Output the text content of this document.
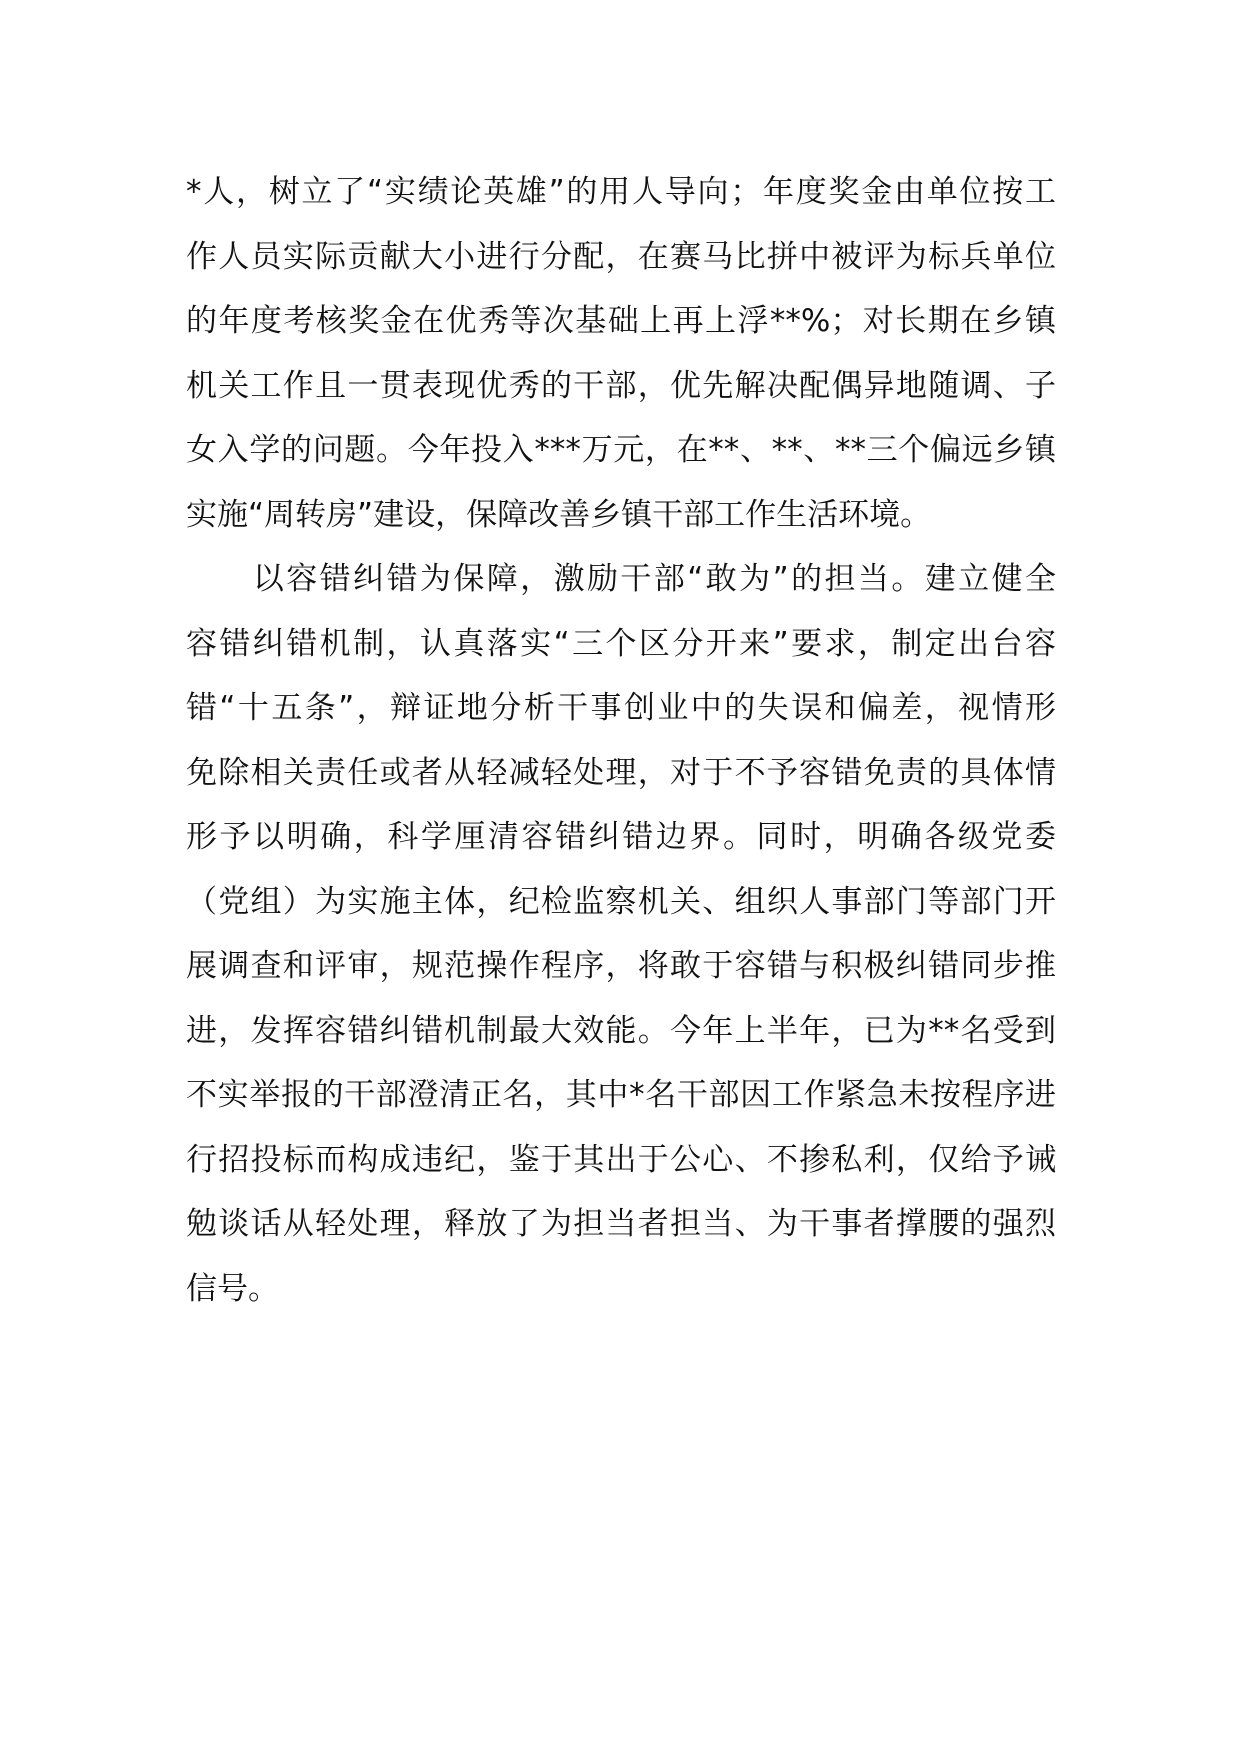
*人，树立了“实绩论英雄”的用人导向；年度奖金由单位按工
作人员实际贡献大小进行分配，在赛马比拼中被评为标兵单位
的年度考核奖金在优秀等次基础上再上浮**%；对长期在乡镇
机关工作且一贯表现优秀的干部，优先解决配偶异地随调、子
女入学的问题。今年投入***万元，在**、**、**三个偏远乡镇
实施“周转房”建设，保障改善乡镇干部工作生活环境。
　　以容错纠错为保障，激励干部“敢为”的担当。建立健全
容错纠错机制，认真落实“三个区分开来”要求，制定出台容
错“十五条”，辩证地分析干事创业中的失误和偏差，视情形
免除相关责任或者从轻减轻处理，对于不予容错免责的具体情
形予以明确，科学厘清容错纠错边界。同时，明确各级党委
（党组）为实施主体，纪检监察机关、组织人事部门等部门开
展调查和评审，规范操作程序，将敢于容错与积极纠错同步推
进，发挥容错纠错机制最大效能。今年上半年，已为**名受到
不实举报的干部澄清正名，其中*名干部因工作紧急未按程序进
行招投标而构成违纪，鉴于其出于公心、不掺私利，仅给予诫
勉谈话从轻处理，释放了为担当者担当、为干事者撑腰的强烈
信号。
